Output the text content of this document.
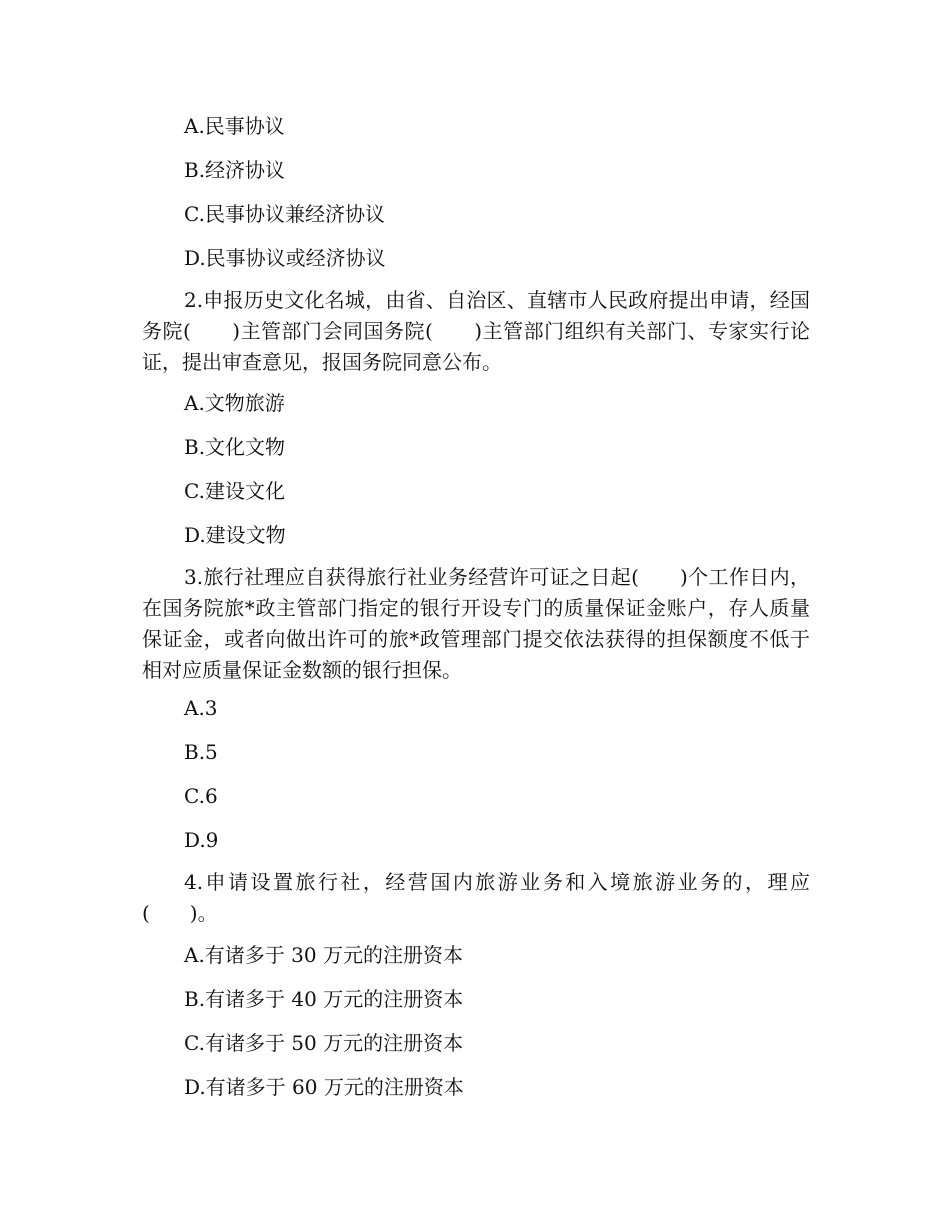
A.民事协议
B.经济协议
C.民事协议兼经济协议
D.民事协议或经济协议

2.申报历史文化名城，由省、自治区、直辖市人民政府提出申请，经国务院(　　)主管部门会同国务院(　　)主管部门组织有关部门、专家实行论证，提出审查意见，报国务院同意公布。

A.文物旅游
B.文化文物
C.建设文化
D.建设文物

3.旅行社理应自获得旅行社业务经营许可证之日起(　　)个工作日内，在国务院旅*政主管部门指定的银行开设专门的质量保证金账户，存人质量保证金，或者向做出许可的旅*政管理部门提交依法获得的担保额度不低于相对应质量保证金数额的银行担保。

A.3
B.5
C.6
D.9

4.申请设置旅行社，经营国内旅游业务和入境旅游业务的，理应(　　)。

A.有诸多于 30 万元的注册资本
B.有诸多于 40 万元的注册资本
C.有诸多于 50 万元的注册资本
D.有诸多于 60 万元的注册资本
